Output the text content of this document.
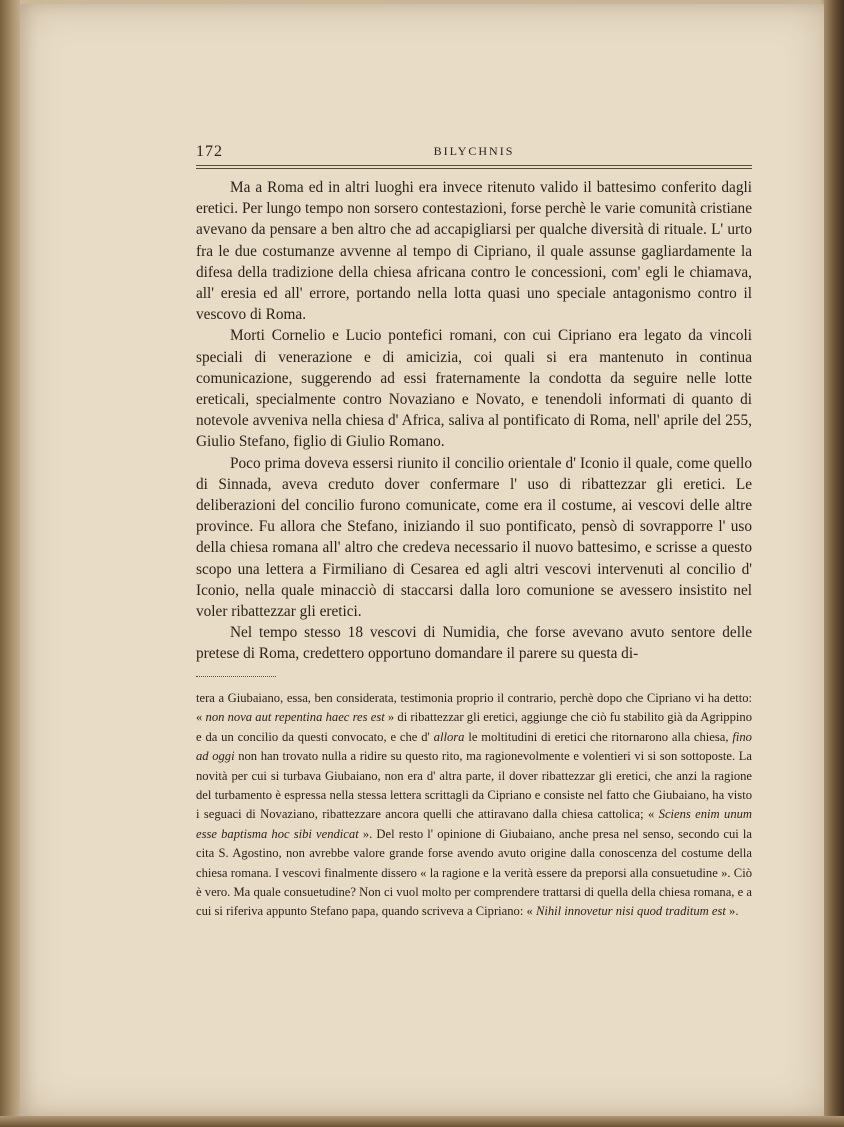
172	BILYCHNIS

Ma a Roma ed in altri luoghi era invece ritenuto valido il battesimo conferito dagli eretici. Per lungo tempo non sorsero contestazioni, forse perchè le varie comunità cristiane avevano da pensare a ben altro che ad accapigliarsi per qualche diversità di rituale. L' urto fra le due costumanze avvenne al tempo di Cipriano, il quale assunse gagliardamente la difesa della tradizione della chiesa africana contro le concessioni, com' egli le chiamava, all' eresia ed all' errore, portando nella lotta quasi uno speciale antagonismo contro il vescovo di Roma.

Morti Cornelio e Lucio pontefici romani, con cui Cipriano era legato da vincoli speciali di venerazione e di amicizia, coi quali si era mantenuto in continua comunicazione, suggerendo ad essi fraternamente la condotta da seguire nelle lotte ereticali, specialmente contro Novaziano e Novato, e tenendoli informati di quanto di notevole avveniva nella chiesa d' Africa, saliva al pontificato di Roma, nell' aprile del 255, Giulio Stefano, figlio di Giulio Romano.

Poco prima doveva essersi riunito il concilio orientale d' Iconio il quale, come quello di Sinnada, aveva creduto dover confermare l' uso di ribattezzar gli eretici. Le deliberazioni del concilio furono comunicate, come era il costume, ai vescovi delle altre province. Fu allora che Stefano, iniziando il suo pontificato, pensò di sovrapporre l' uso della chiesa romana all' altro che credeva necessario il nuovo battesimo, e scrisse a questo scopo una lettera a Firmiliano di Cesarea ed agli altri vescovi intervenuti al concilio d' Iconio, nella quale minacciò di staccarsi dalla loro comunione se avessero insistito nel voler ribattezzar gli eretici.

Nel tempo stesso 18 vescovi di Numidia, che forse avevano avuto sentore delle pretese di Roma, credettero opportuno domandare il parere su questa di-

tera a Giubaiano, essa, ben considerata, testimonia proprio il contrario, perchè dopo che Cipriano vi ha detto: « non nova aut repentina haec res est » di ribattezzar gli eretici, aggiunge che ciò fu stabilito già da Agrippino e da un concilio da questi convocato, e che d' allora le moltitudini di eretici che ritornarono alla chiesa, fino ad oggi non han trovato nulla a ridire su questo rito, ma ragionevolmente e volentieri vi si son sottoposte. La novità per cui si turbava Giubaiano, non era d' altra parte, il dover ribattezzar gli eretici, che anzi la ragione del turbamento è espressa nella stessa lettera scrittagli da Cipriano e consiste nel fatto che Giubaiano, ha visto i seguaci di Novaziano, ribattezzare ancora quelli che attiravano dalla chiesa cattolica; « Sciens enim unum esse baptisma hoc sibi vendicat ». Del resto l' opinione di Giubaiano, anche presa nel senso, secondo cui la cita S. Agostino, non avrebbe valore grande forse avendo avuto origine dalla conoscenza del costume della chiesa romana. I vescovi finalmente dissero « la ragione e la verità essere da preporsi alla consuetudine ». Ciò è vero. Ma quale consuetudine? Non ci vuol molto per comprendere trattarsi di quella della chiesa romana, e a cui si riferiva appunto Stefano papa, quando scriveva a Cipriano: « Nihil innovetur nisi quod traditum est ».
